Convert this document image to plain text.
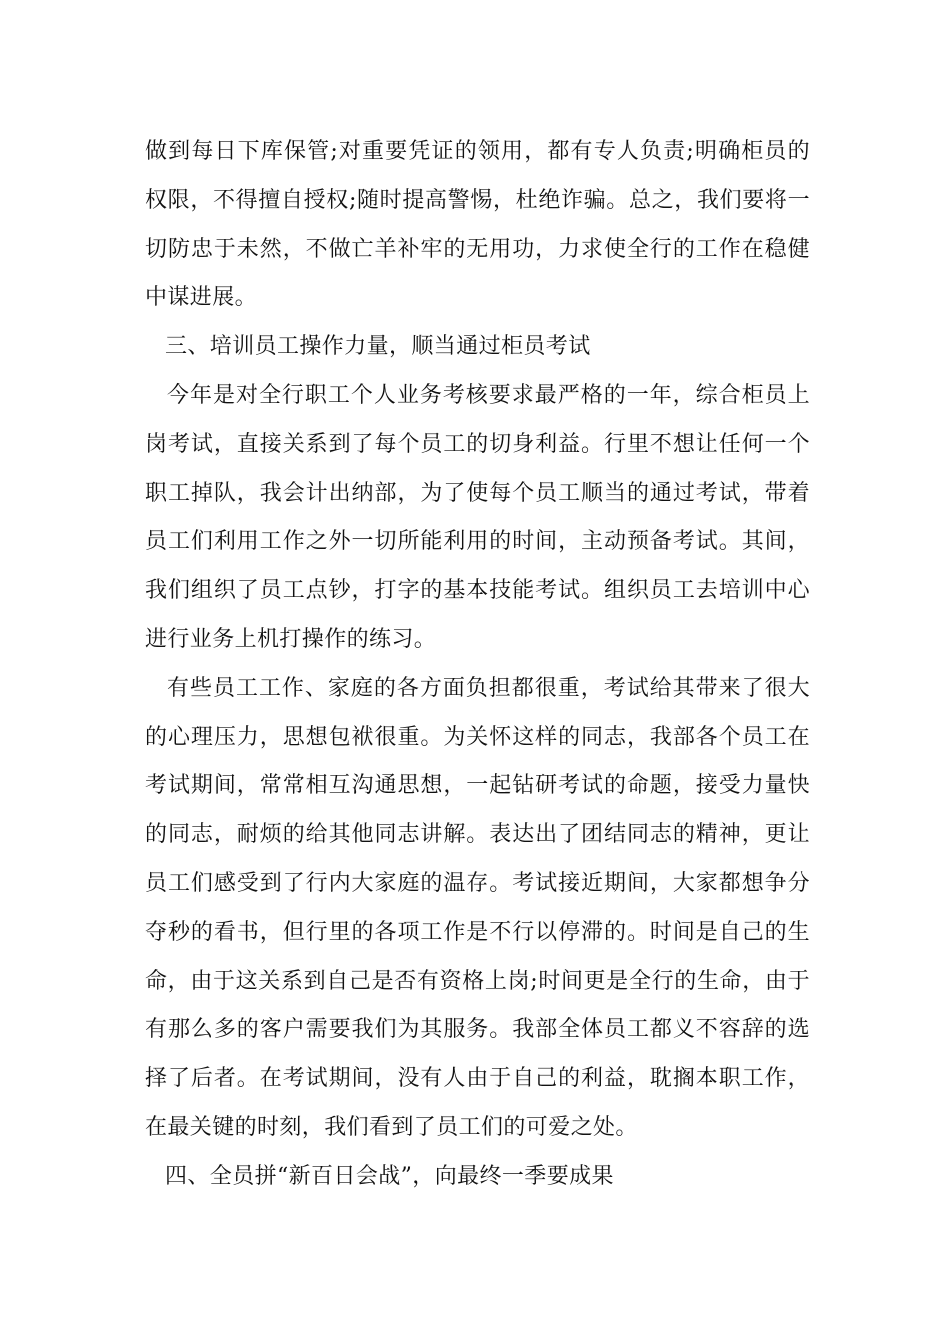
做到每日下库保管;对重要凭证的领用，都有专人负责;明确柜员的权限，不得擅自授权;随时提高警惕，杜绝诈骗。总之，我们要将一切防忠于未然，不做亡羊补牢的无用功，力求使全行的工作在稳健中谋进展。

三、培训员工操作力量，顺当通过柜员考试

今年是对全行职工个人业务考核要求最严格的一年，综合柜员上岗考试，直接关系到了每个员工的切身利益。行里不想让任何一个职工掉队，我会计出纳部，为了使每个员工顺当的通过考试，带着员工们利用工作之外一切所能利用的时间，主动预备考试。其间，我们组织了员工点钞，打字的基本技能考试。组织员工去培训中心进行业务上机打操作的练习。

有些员工工作、家庭的各方面负担都很重，考试给其带来了很大的心理压力，思想包袱很重。为关怀这样的同志，我部各个员工在考试期间，常常相互沟通思想，一起钻研考试的命题，接受力量快的同志，耐烦的给其他同志讲解。表达出了团结同志的精神，更让员工们感受到了行内大家庭的温存。考试接近期间，大家都想争分夺秒的看书，但行里的各项工作是不行以停滞的。时间是自己的生命，由于这关系到自己是否有资格上岗;时间更是全行的生命，由于有那么多的客户需要我们为其服务。我部全体员工都义不容辞的选择了后者。在考试期间，没有人由于自己的利益，耽搁本职工作，在最关键的时刻，我们看到了员工们的可爱之处。

四、全员拼“新百日会战”，向最终一季要成果
